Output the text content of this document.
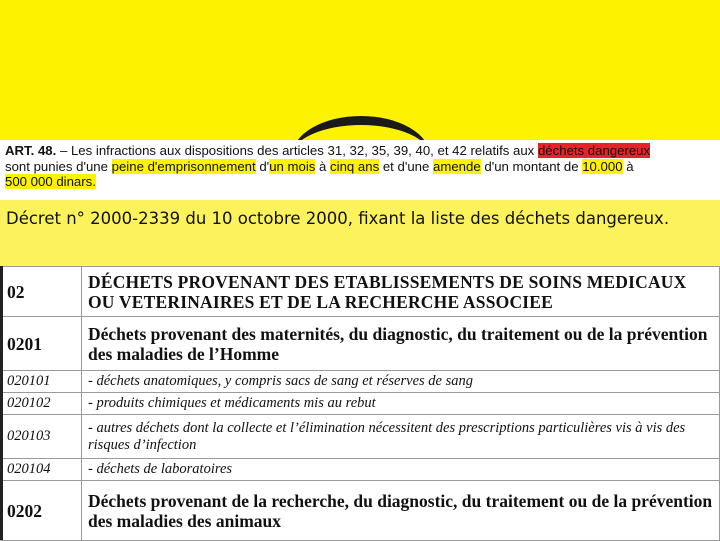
ART. 48. – Les infractions aux dispositions des articles 31, 32, 35, 39, 40, et 42 relatifs aux déchets dangereux
sont punies d'une peine d'emprisonnement d'un mois à cinq ans et d'une amende d'un montant de 10.000 à
500 000 dinars.
Décret n° 2000-2339 du 10 octobre 2000, fixant la liste des déchets dangereux.
02	DÉCHETS PROVENANT DES ETABLISSEMENTS DE SOINS MEDICAUX OU VETERINAIRES ET DE LA RECHERCHE ASSOCIEE
0201	Déchets provenant des maternités, du diagnostic, du traitement ou de la prévention des maladies de l’Homme
020101	- déchets anatomiques, y compris sacs de sang et réserves de sang
020102	- produits chimiques et médicaments mis au rebut
020103	- autres déchets dont la collecte et l’élimination nécessitent des prescriptions particulières vis à vis des risques d’infection
020104	- déchets de laboratoires
0202	Déchets provenant de la recherche, du diagnostic, du traitement ou de la prévention des maladies des animaux
